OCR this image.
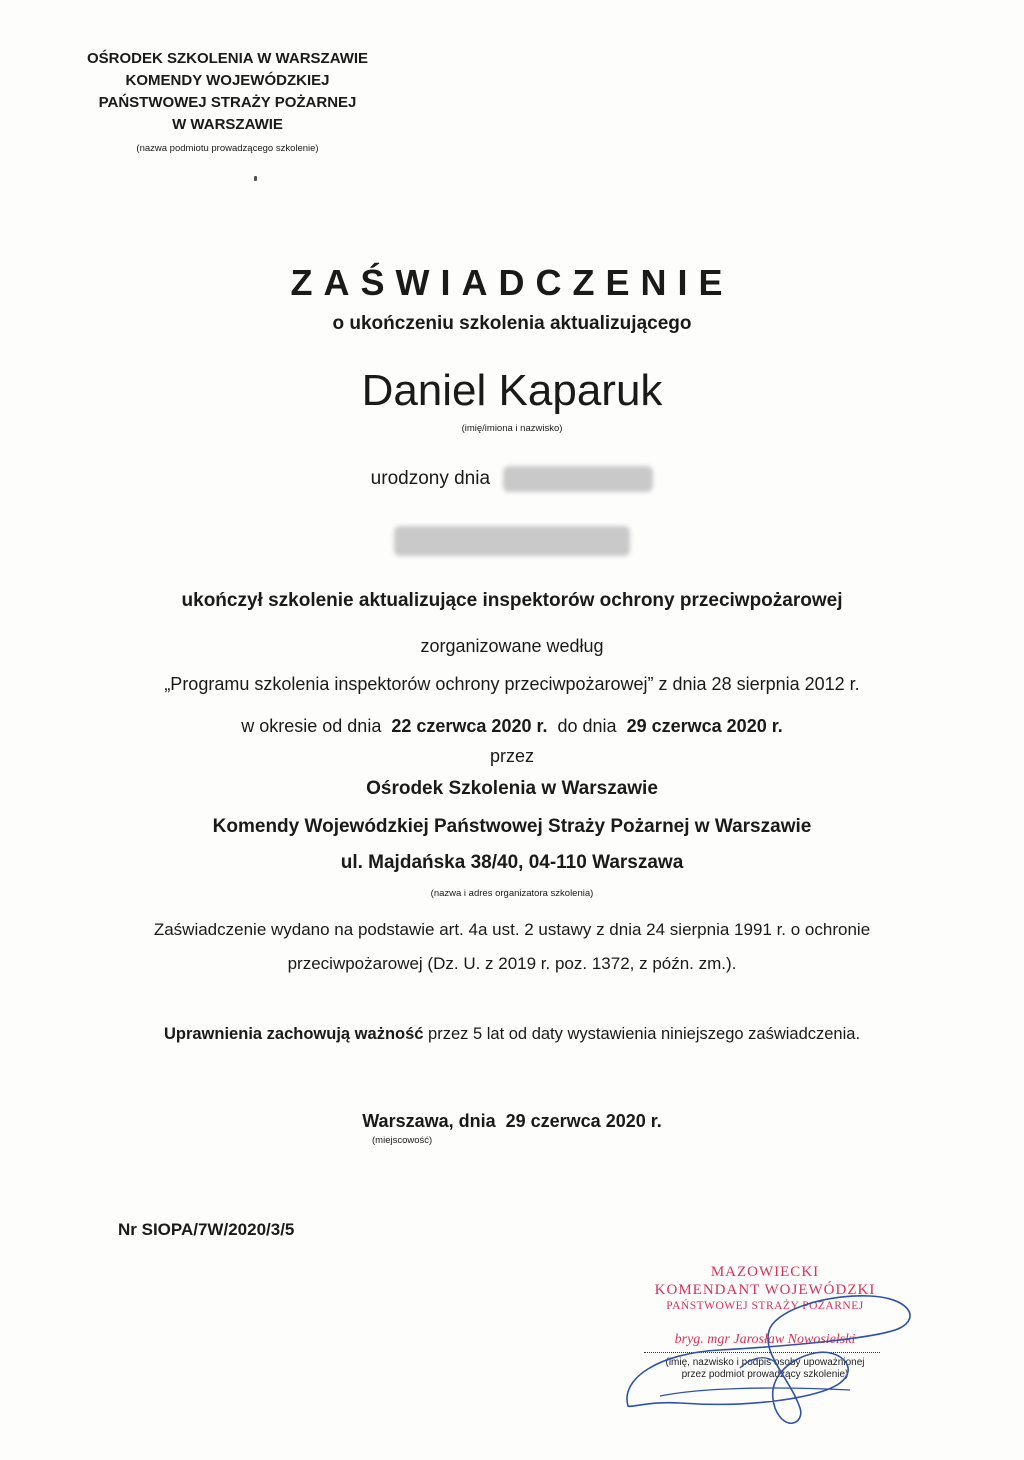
OŚRODEK SZKOLENIA W WARSZAWIE
KOMENDY WOJEWÓDZKIEJ
PAŃSTWOWEJ STRAŻY POŻARNEJ
W WARSZAWIE
(nazwa podmiotu prowadzącego szkolenie)
ZAŚWIADCZENIE
o ukończeniu szkolenia aktualizującego
Daniel Kaparuk
(imię/imiona i nazwisko)
urodzony dnia
ukończył szkolenie aktualizujące inspektorów ochrony przeciwpożarowej
zorganizowane według
„Programu szkolenia inspektorów ochrony przeciwpożarowej” z dnia 28 sierpnia 2012 r.
w okresie od dnia 22 czerwca 2020 r. do dnia 29 czerwca 2020 r.
przez
Ośrodek Szkolenia w Warszawie
Komendy Wojewódzkiej Państwowej Straży Pożarnej w Warszawie
ul. Majdańska 38/40, 04-110 Warszawa
(nazwa i adres organizatora szkolenia)
Zaświadczenie wydano na podstawie art. 4a ust. 2 ustawy z dnia 24 sierpnia 1991 r. o ochronie
przeciwpożarowej (Dz. U. z 2019 r. poz. 1372, z późn. zm.).
Uprawnienia zachowują ważność przez 5 lat od daty wystawienia niniejszego zaświadczenia.
Warszawa, dnia 29 czerwca 2020 r.
(miejscowość)
Nr SIOPA/7W/2020/3/5
MAZOWIECKI
KOMENDANT WOJEWÓDZKI
PAŃSTWOWEJ STRAŻY POŻARNEJ
bryg. mgr Jarosław Nowosielski
(imię, nazwisko i podpis osoby upoważnionej
przez podmiot prowadzący szkolenie)
